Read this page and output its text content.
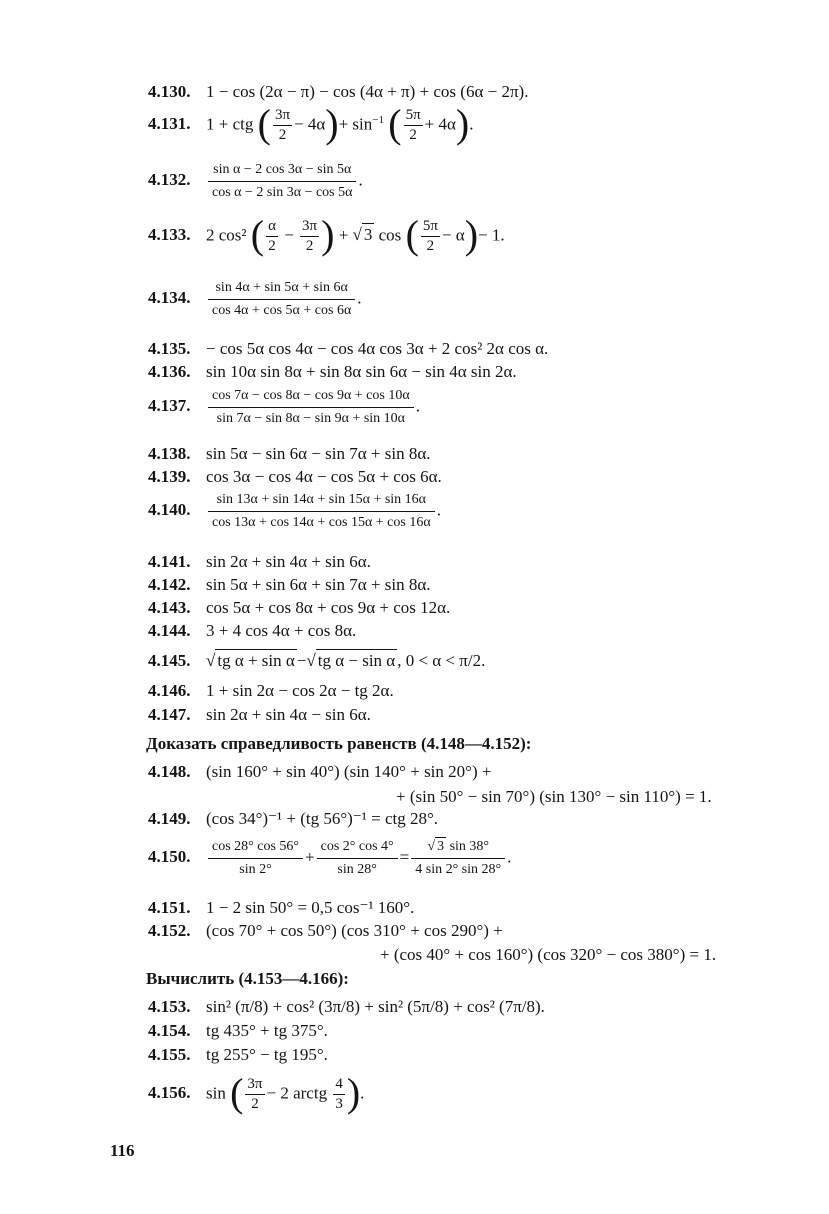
4.130. 1 − cos (2α − π) − cos (4α + π) + cos (6α − 2π).
4.131. 1 + ctg ( $\frac{3\pi}{2} - 4\alpha)+ \sin^{-1}$ ( $\frac{5\pi}{2} + 4\alpha$).
4.132. $\frac{\text{sin α − 2 cos 3α − sin 5α}}{\text{cos α − 2 sin 3α − cos 5α}}$ .
4.133. 2 cos² ( $\frac{\alpha}{2} - \frac{3\pi}{2}$ ) + √ 3 cos ( $\frac{5\pi}{2} - \alpha)- 1$.
4.134. $\frac{\sin 4\alpha + \sin 5\alpha + \sin 6\alpha}{\cos 4\alpha + \cos 5\alpha + \cos 6\alpha}$ .
4.135. − cos 5α cos 4α − cos 4α cos 3α + 2 cos² 2α cos α.
4.136. sin 10α sin 8α + sin 8α sin 6α − sin 4α sin 2α.
4.137. $\frac{\cos 7\alpha - \cos 8\alpha - \cos 9\alpha + \cos 10\alpha}{\sin 7\alpha - \sin 8\alpha - \sin 9\alpha + \sin 10\alpha}$ .
4.138. sin 5α − sin 6α − sin 7α + sin 8α.
4.139. cos 3α − cos 4α − cos 5α + cos 6α.
4.140. $\frac{\sin 13\alpha + \sin 14\alpha + \sin 15\alpha + \sin 16\alpha}{\cos 13\alpha + \cos 14\alpha + \cos 15\alpha + \cos 16\alpha}$ .
4.141. sin 2α + sin 4α + sin 6α.
4.142. sin 5α + sin 6α + sin 7α + sin 8α.
4.143. cos 5α + cos 8α + cos 9α + cos 12α.
4.144. 3 + 4 cos 4α + cos 8α.
4.145. √ tg α + sin α −√ tg α − sin α , 0 < α < π/2.
4.146. 1 + sin 2α − cos 2α − tg 2α.
4.147. sin 2α + sin 4α − sin 6α.
Доказать справедливость равенств (4.148—4.152):
4.148. (sin 160° + sin 40°) (sin 140° + sin 20°) +
+ (sin 50° − sin 70°) (sin 130° − sin 110°) = 1.
4.149. (cos 34°)⁻¹ + (tg 56°)⁻¹ = ctg 28°.
4.150. $\frac{\cos 28^\circ \cos 56^\circ}{\sin 2^\circ} + \frac{\cos 2^\circ \cos 4^\circ}{\sin 28^\circ} = \frac{√ 3 \sin 38^\circ}{4 \sin 2^\circ \sin 28^\circ}$ .
4.151. 1 − 2 sin 50° = 0,5 cos⁻¹ 160°.
4.152. (cos 70° + cos 50°) (cos 310° + cos 290°) +
+ (cos 40° + cos 160°) (cos 320° − cos 380°) = 1.
Вычислить (4.153—4.166):
4.153. sin² (π/8) + cos² (3π/8) + sin² (5π/8) + cos² (7π/8).
4.154. tg 435° + tg 375°.
4.155. tg 255° − tg 195°.
4.156. sin ( $\frac{3\pi}{2} - 2$ arctg $\frac{4}{3}$ ).
116
